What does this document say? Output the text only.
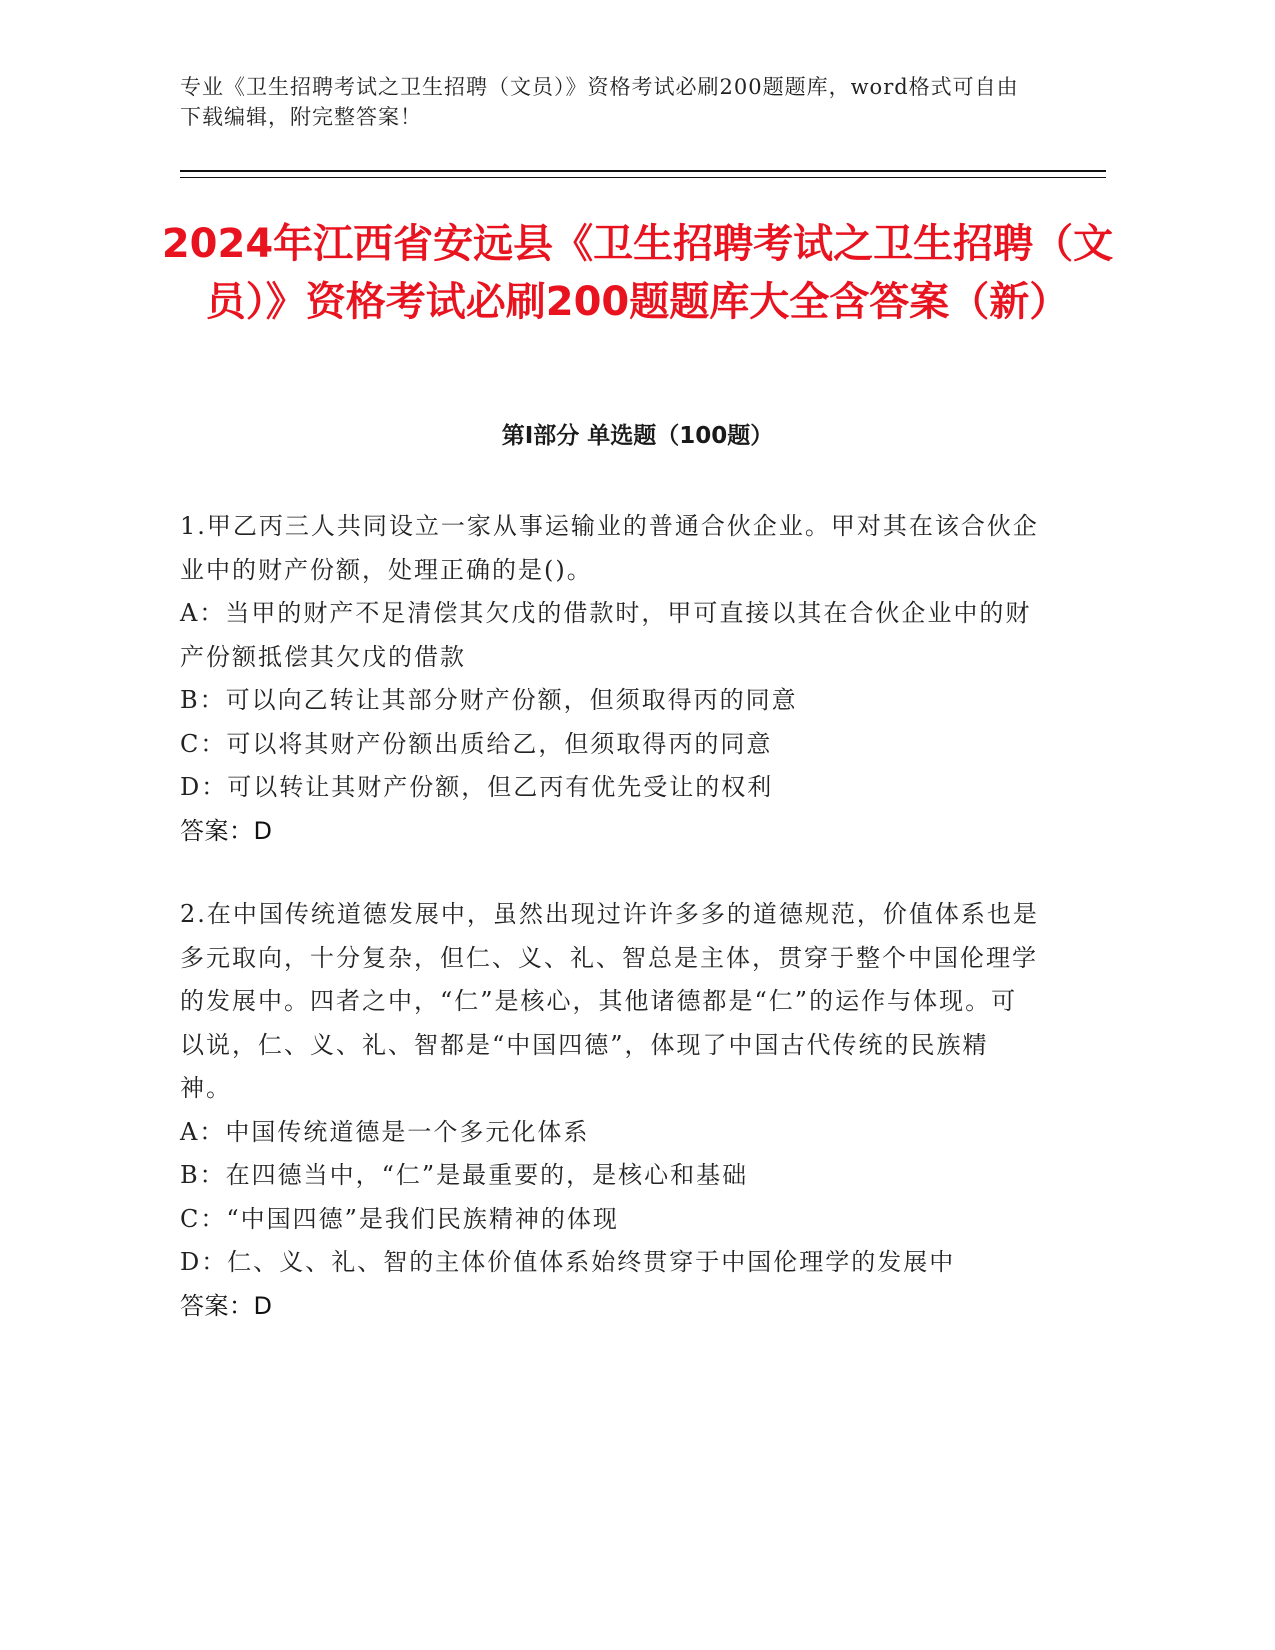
专业《卫生招聘考试之卫生招聘（文员）》资格考试必刷200题题库，word格式可自由下载编辑，附完整答案！
2024年江西省安远县《卫生招聘考试之卫生招聘（文员）》资格考试必刷200题题库大全含答案（新）
第Ⅰ部分 单选题（100题）

1.甲乙丙三人共同设立一家从事运输业的普通合伙企业。甲对其在该合伙企业中的财产份额，处理正确的是()。

A：当甲的财产不足清偿其欠戊的借款时，甲可直接以其在合伙企业中的财产份额抵偿其欠戊的借款

B：可以向乙转让其部分财产份额，但须取得丙的同意

C：可以将其财产份额出质给乙，但须取得丙的同意

D：可以转让其财产份额，但乙丙有优先受让的权利

答案：D

2.在中国传统道德发展中，虽然出现过许许多多的道德规范，价值体系也是多元取向，十分复杂，但仁、义、礼、智总是主体，贯穿于整个中国伦理学的发展中。四者之中，“仁”是核心，其他诸德都是“仁”的运作与体现。可以说，仁、义、礼、智都是“中国四德”，体现了中国古代传统的民族精神。

A：中国传统道德是一个多元化体系

B：在四德当中，“仁”是最重要的，是核心和基础

C：“中国四德”是我们民族精神的体现

D：仁、义、礼、智的主体价值体系始终贯穿于中国伦理学的发展中

答案：D
